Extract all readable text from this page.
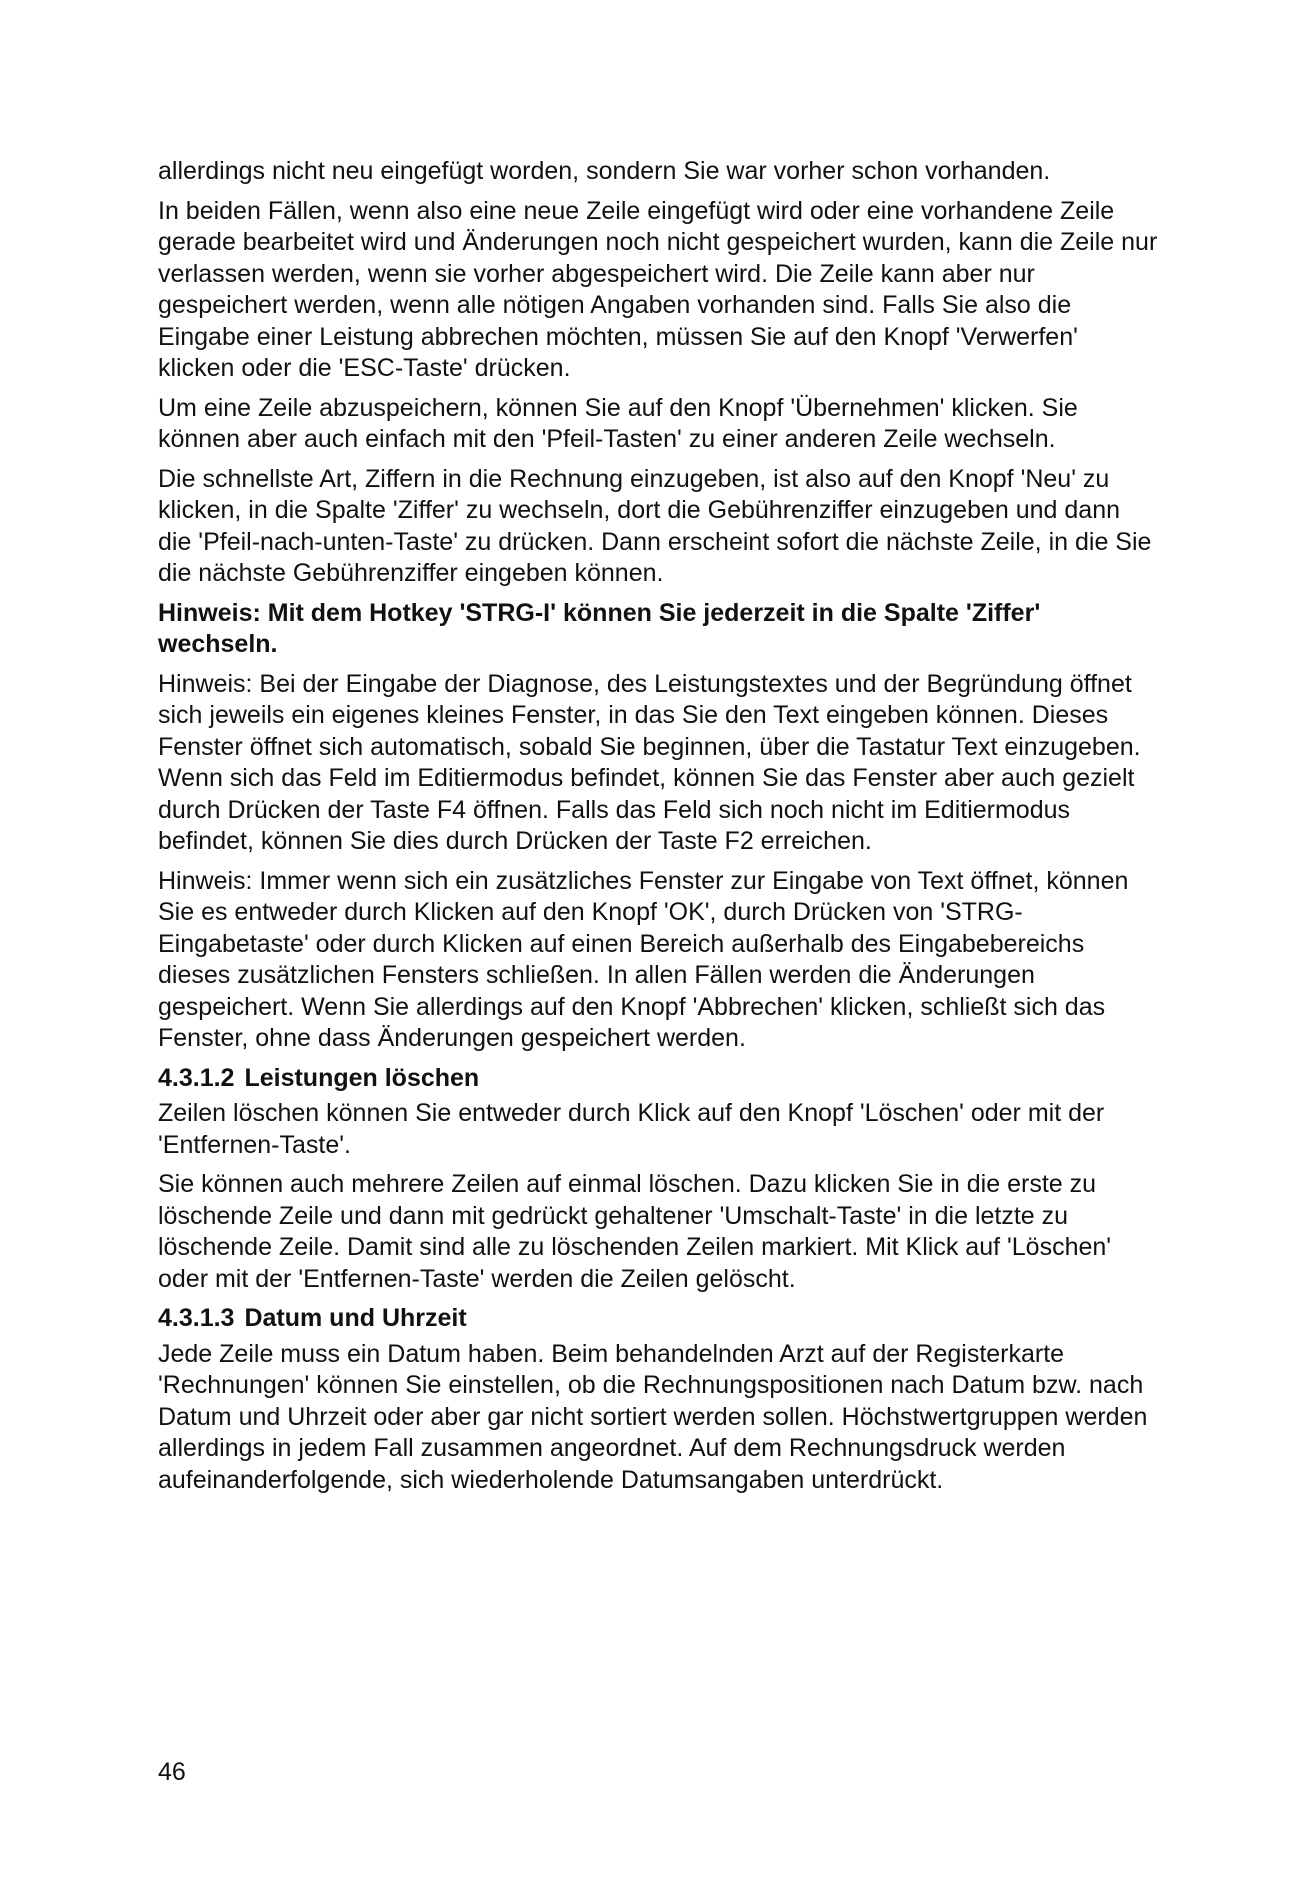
allerdings nicht neu eingefügt worden, sondern Sie war vorher schon vorhanden.

In beiden Fällen, wenn also eine neue Zeile eingefügt wird oder eine vorhandene Zeile gerade bearbeitet wird und Änderungen noch nicht gespeichert wurden, kann die Zeile nur verlassen werden, wenn sie vorher abgespeichert wird. Die Zeile kann aber nur gespeichert werden, wenn alle nötigen Angaben vorhanden sind. Falls Sie also die Eingabe einer Leistung abbrechen möchten, müssen Sie auf den Knopf 'Verwerfen' klicken oder die 'ESC-Taste' drücken.

Um eine Zeile abzuspeichern, können Sie auf den Knopf 'Übernehmen' klicken. Sie können aber auch einfach mit den 'Pfeil-Tasten' zu einer anderen Zeile wechseln.

Die schnellste Art, Ziffern in die Rechnung einzugeben, ist also auf den Knopf 'Neu' zu klicken, in die Spalte 'Ziffer' zu wechseln, dort die Gebührenziffer einzugeben und dann die 'Pfeil-nach-unten-Taste' zu drücken. Dann erscheint sofort die nächste Zeile, in die Sie die nächste Gebührenziffer eingeben können.

Hinweis: Mit dem Hotkey 'STRG-I' können Sie jederzeit in die Spalte 'Ziffer' wechseln.

Hinweis: Bei der Eingabe der Diagnose, des Leistungstextes und der Begründung öffnet sich jeweils ein eigenes kleines Fenster, in das Sie den Text eingeben können. Dieses Fenster öffnet sich automatisch, sobald Sie beginnen, über die Tastatur Text einzugeben. Wenn sich das Feld im Editiermodus befindet, können Sie das Fenster aber auch gezielt durch Drücken der Taste F4 öffnen. Falls das Feld sich noch nicht im Editiermodus befindet, können Sie dies durch Drücken der Taste F2 erreichen.

Hinweis: Immer wenn sich ein zusätzliches Fenster zur Eingabe von Text öffnet, können Sie es entweder durch Klicken auf den Knopf 'OK', durch Drücken von 'STRG-Eingabetaste' oder durch Klicken auf einen Bereich außerhalb des Eingabebereichs dieses zusätzlichen Fensters schließen. In allen Fällen werden die Änderungen gespeichert. Wenn Sie allerdings auf den Knopf 'Abbrechen' klicken, schließt sich das Fenster, ohne dass Änderungen gespeichert werden.

4.3.1.2 Leistungen löschen

Zeilen löschen können Sie entweder durch Klick auf den Knopf 'Löschen' oder mit der 'Entfernen-Taste'.

Sie können auch mehrere Zeilen auf einmal löschen. Dazu klicken Sie in die erste zu löschende Zeile und dann mit gedrückt gehaltener 'Umschalt-Taste' in die letzte zu löschende Zeile. Damit sind alle zu löschenden Zeilen markiert. Mit Klick auf 'Löschen' oder mit der 'Entfernen-Taste' werden die Zeilen gelöscht.

4.3.1.3 Datum und Uhrzeit

Jede Zeile muss ein Datum haben. Beim behandelnden Arzt auf der Registerkarte 'Rechnungen' können Sie einstellen, ob die Rechnungspositionen nach Datum bzw. nach Datum und Uhrzeit oder aber gar nicht sortiert werden sollen. Höchstwertgruppen werden allerdings in jedem Fall zusammen angeordnet. Auf dem Rechnungsdruck werden aufeinanderfolgende, sich wiederholende Datumsangaben unterdrückt.

46
